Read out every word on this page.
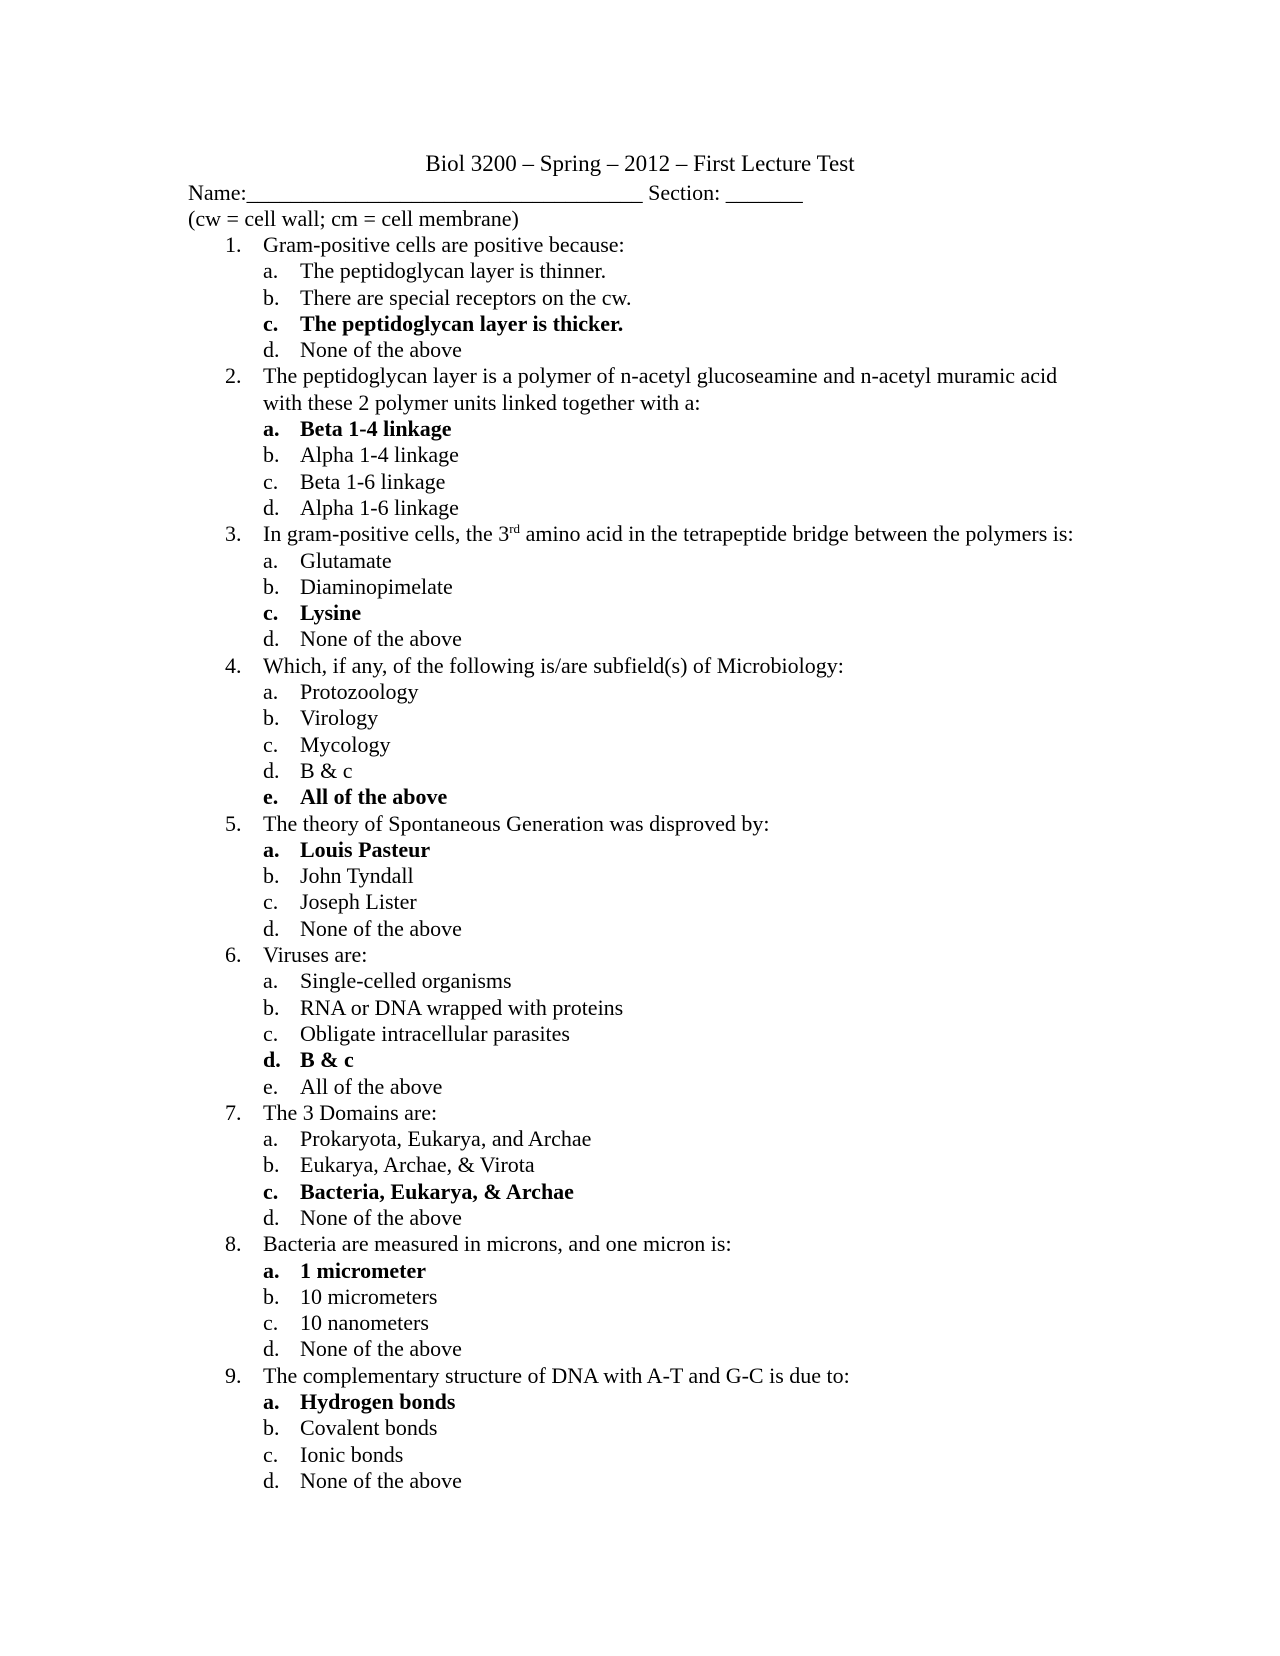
Biol 3200 – Spring – 2012 – First Lecture Test
Name:____________________________________ Section: _______
(cw = cell wall; cm = cell membrane)
1. Gram-positive cells are positive because:
a. The peptidoglycan layer is thinner.
b. There are special receptors on the cw.
c. The peptidoglycan layer is thicker.
d. None of the above
2. The peptidoglycan layer is a polymer of n-acetyl glucoseamine and n-acetyl muramic acid with these 2 polymer units linked together with a:
a. Beta 1-4 linkage
b. Alpha 1-4 linkage
c. Beta 1-6 linkage
d. Alpha 1-6 linkage
3. In gram-positive cells, the 3rd amino acid in the tetrapeptide bridge between the polymers is:
a. Glutamate
b. Diaminopimelate
c. Lysine
d. None of the above
4. Which, if any, of the following is/are subfield(s) of Microbiology:
a. Protozoology
b. Virology
c. Mycology
d. B & c
e. All of the above
5. The theory of Spontaneous Generation was disproved by:
a. Louis Pasteur
b. John Tyndall
c. Joseph Lister
d. None of the above
6. Viruses are:
a. Single-celled organisms
b. RNA or DNA wrapped with proteins
c. Obligate intracellular parasites
d. B & c
e. All of the above
7. The 3 Domains are:
a. Prokaryota, Eukarya, and Archae
b. Eukarya, Archae, & Virota
c. Bacteria, Eukarya, & Archae
d. None of the above
8. Bacteria are measured in microns, and one micron is:
a. 1 micrometer
b. 10 micrometers
c. 10 nanometers
d. None of the above
9. The complementary structure of DNA with A-T and G-C is due to:
a. Hydrogen bonds
b. Covalent bonds
c. Ionic bonds
d. None of the above
